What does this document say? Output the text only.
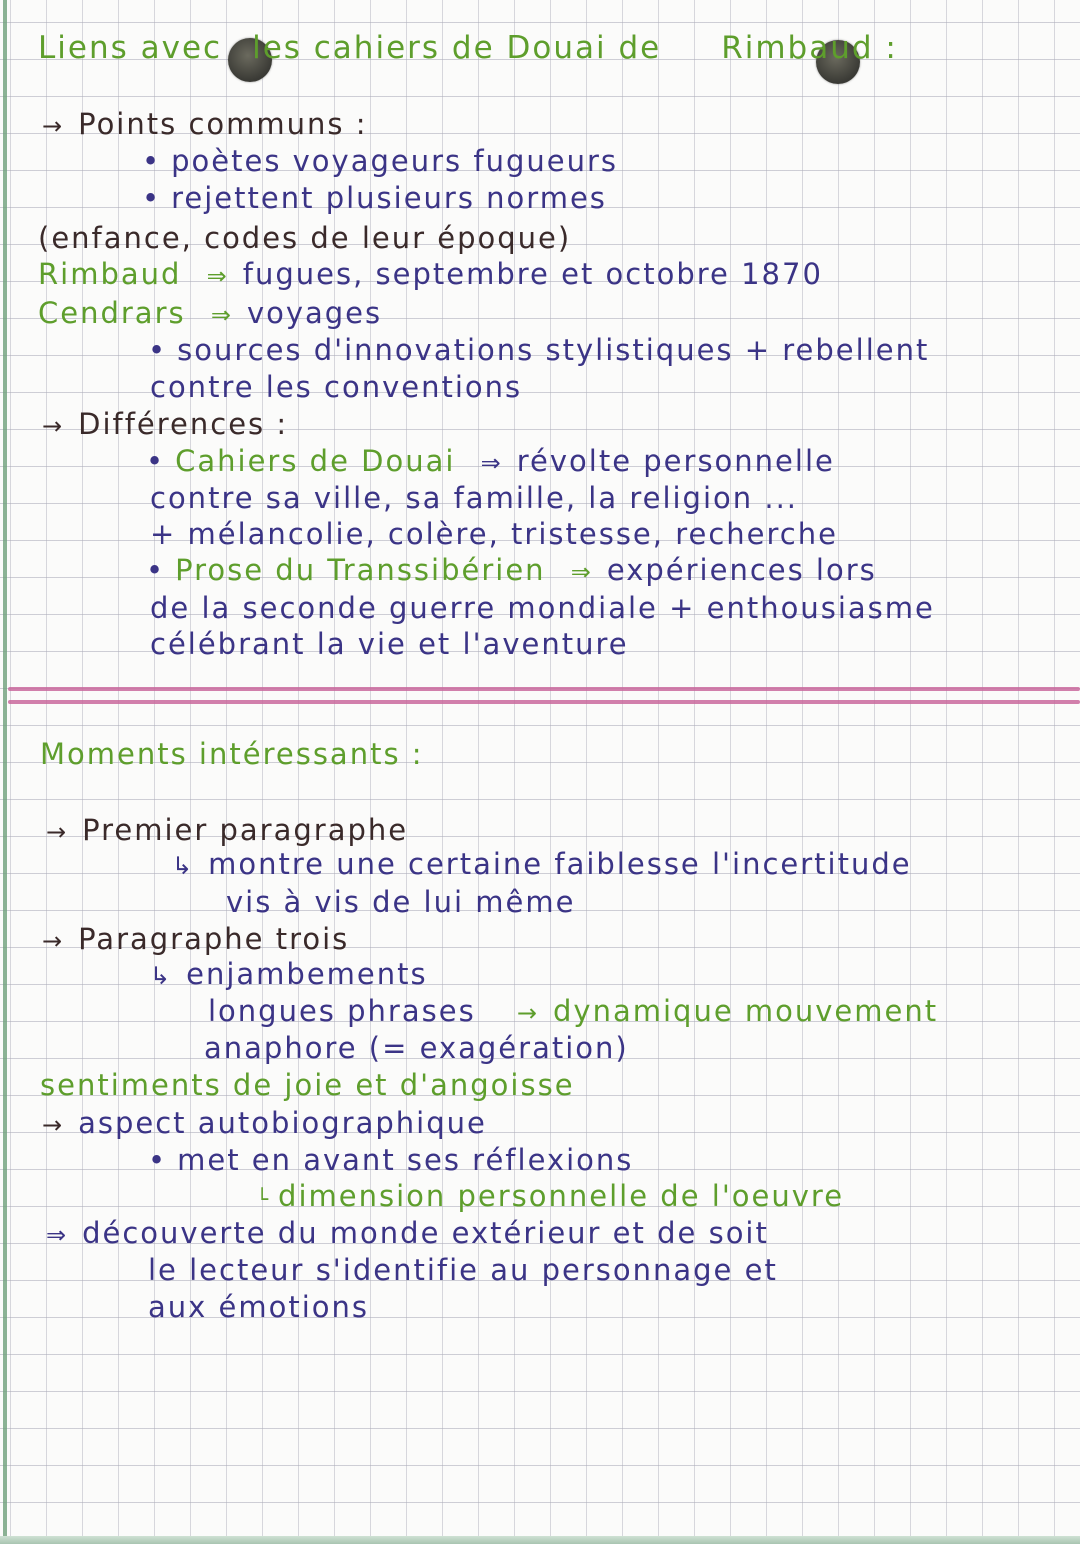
Liens avec les cahiers de Douai de Rimbaud :
→ Points communs :
• poètes voyageurs fugueurs
• rejettent plusieurs normes
(enfance, codes de leur époque)
Rimbaud ⇒ fugues, septembre et octobre 1870
Cendrars ⇒ voyages
• sources d'innovations stylistiques + rebellent
contre les conventions
→ Différences :
• Cahiers de Douai ⇒ révolte personnelle
contre sa ville, sa famille, la religion ...
+ mélancolie, colère, tristesse, recherche
• Prose du Transsibérien ⇒ expériences lors
de la seconde guerre mondiale + enthousiasme
célébrant la vie et l'aventure
Moments intéressants :
→ Premier paragraphe
↳ montre une certaine faiblesse l'incertitude
vis à vis de lui même
→ Paragraphe trois
↳ enjambements
longues phrases → dynamique mouvement
anaphore (= exagération)
sentiments de joie et d'angoisse
→ aspect autobiographique
• met en avant ses réflexions
└ dimension personnelle de l'oeuvre
⇒ découverte du monde extérieur et de soit
le lecteur s'identifie au personnage et
aux émotions
